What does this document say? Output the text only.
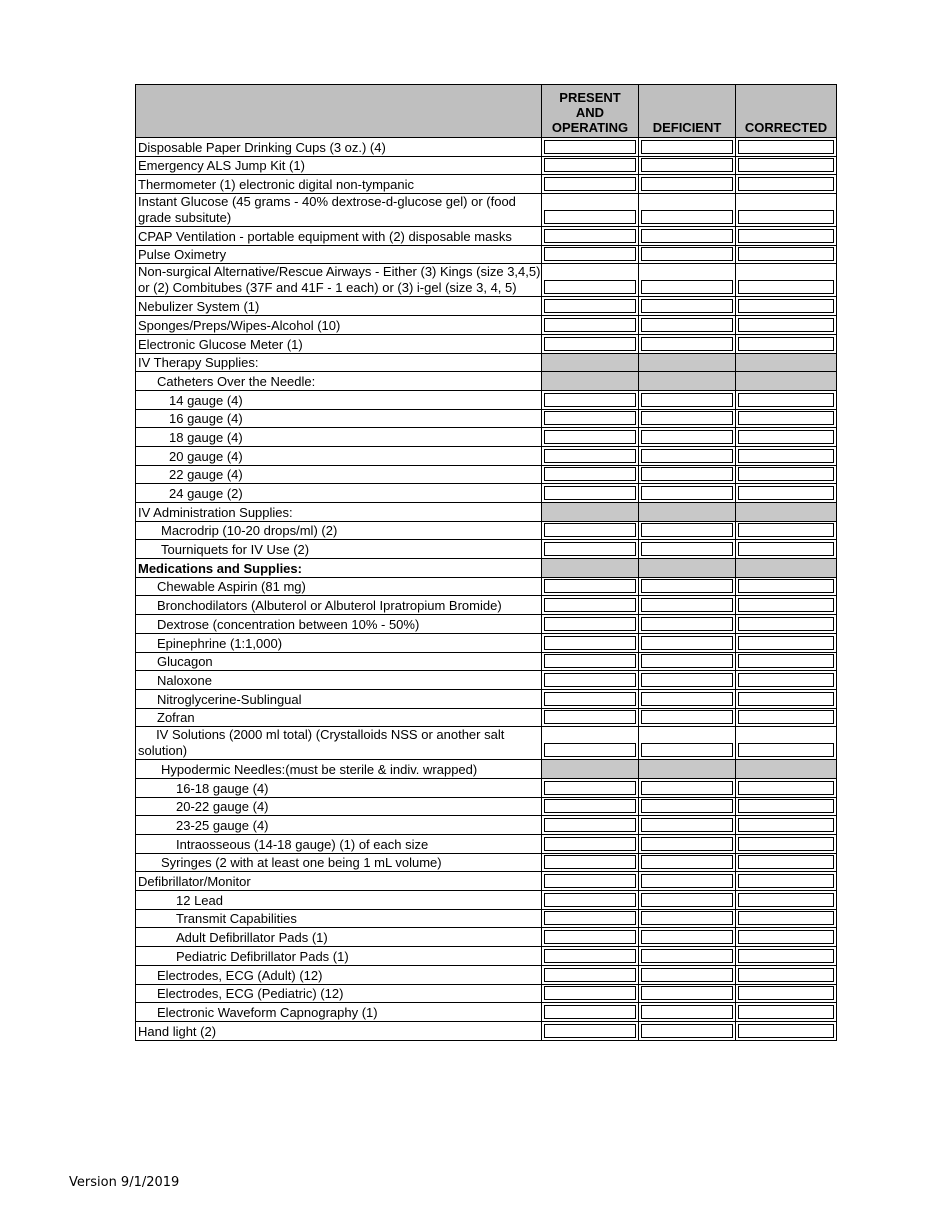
	PRESENT
AND
OPERATING	DEFICIENT	CORRECTED
Disposable Paper Drinking Cups (3 oz.) (4)	

Emergency ALS Jump Kit (1)	

Thermometer (1) electronic digital non-tympanic	

Instant Glucose (45 grams - 40% dextrose-d-glucose gel) or (food grade subsitute)	

CPAP Ventilation - portable equipment with (2) disposable masks	

Pulse Oximetry	

Non-surgical Alternative/Rescue Airways - Either (3) Kings (size 3,4,5) or (2) Combitubes (37F and 41F - 1 each) or (3) i-gel (size 3, 4, 5)	

Nebulizer System (1)	

Sponges/Preps/Wipes-Alcohol (10)	

Electronic Glucose Meter (1)	

IV Therapy Supplies:			
Catheters Over the Needle:			
14 gauge (4)	

16 gauge (4)	

18 gauge (4)	

20 gauge (4)	

22 gauge (4)	

24 gauge (2)	

IV Administration Supplies:			
Macrodrip (10-20 drops/ml) (2)	

Tourniquets for IV Use (2)	

Medications and Supplies:			
Chewable Aspirin (81 mg)	

Bronchodilators (Albuterol or Albuterol Ipratropium Bromide)	

Dextrose (concentration between 10% - 50%)	

Epinephrine (1:1,000)	

Glucagon	

Naloxone	

Nitroglycerine-Sublingual	

Zofran	

IV Solutions (2000 ml total) (Crystalloids NSS or another salt solution)	

Hypodermic Needles:(must be sterile & indiv. wrapped)			
16-18 gauge (4)	

20-22 gauge (4)	

23-25 gauge (4)	

Intraosseous (14-18 gauge) (1) of each size	

Syringes (2 with at least one being 1 mL volume)	

Defibrillator/Monitor	

12 Lead	

Transmit Capabilities	

Adult Defibrillator Pads (1)	

Pediatric Defibrillator Pads (1)	

Electrodes, ECG (Adult) (12)	

Electrodes, ECG (Pediatric) (12)	

Electronic Waveform Capnography (1)	

Hand light (2)	

Version 9/1/2019
